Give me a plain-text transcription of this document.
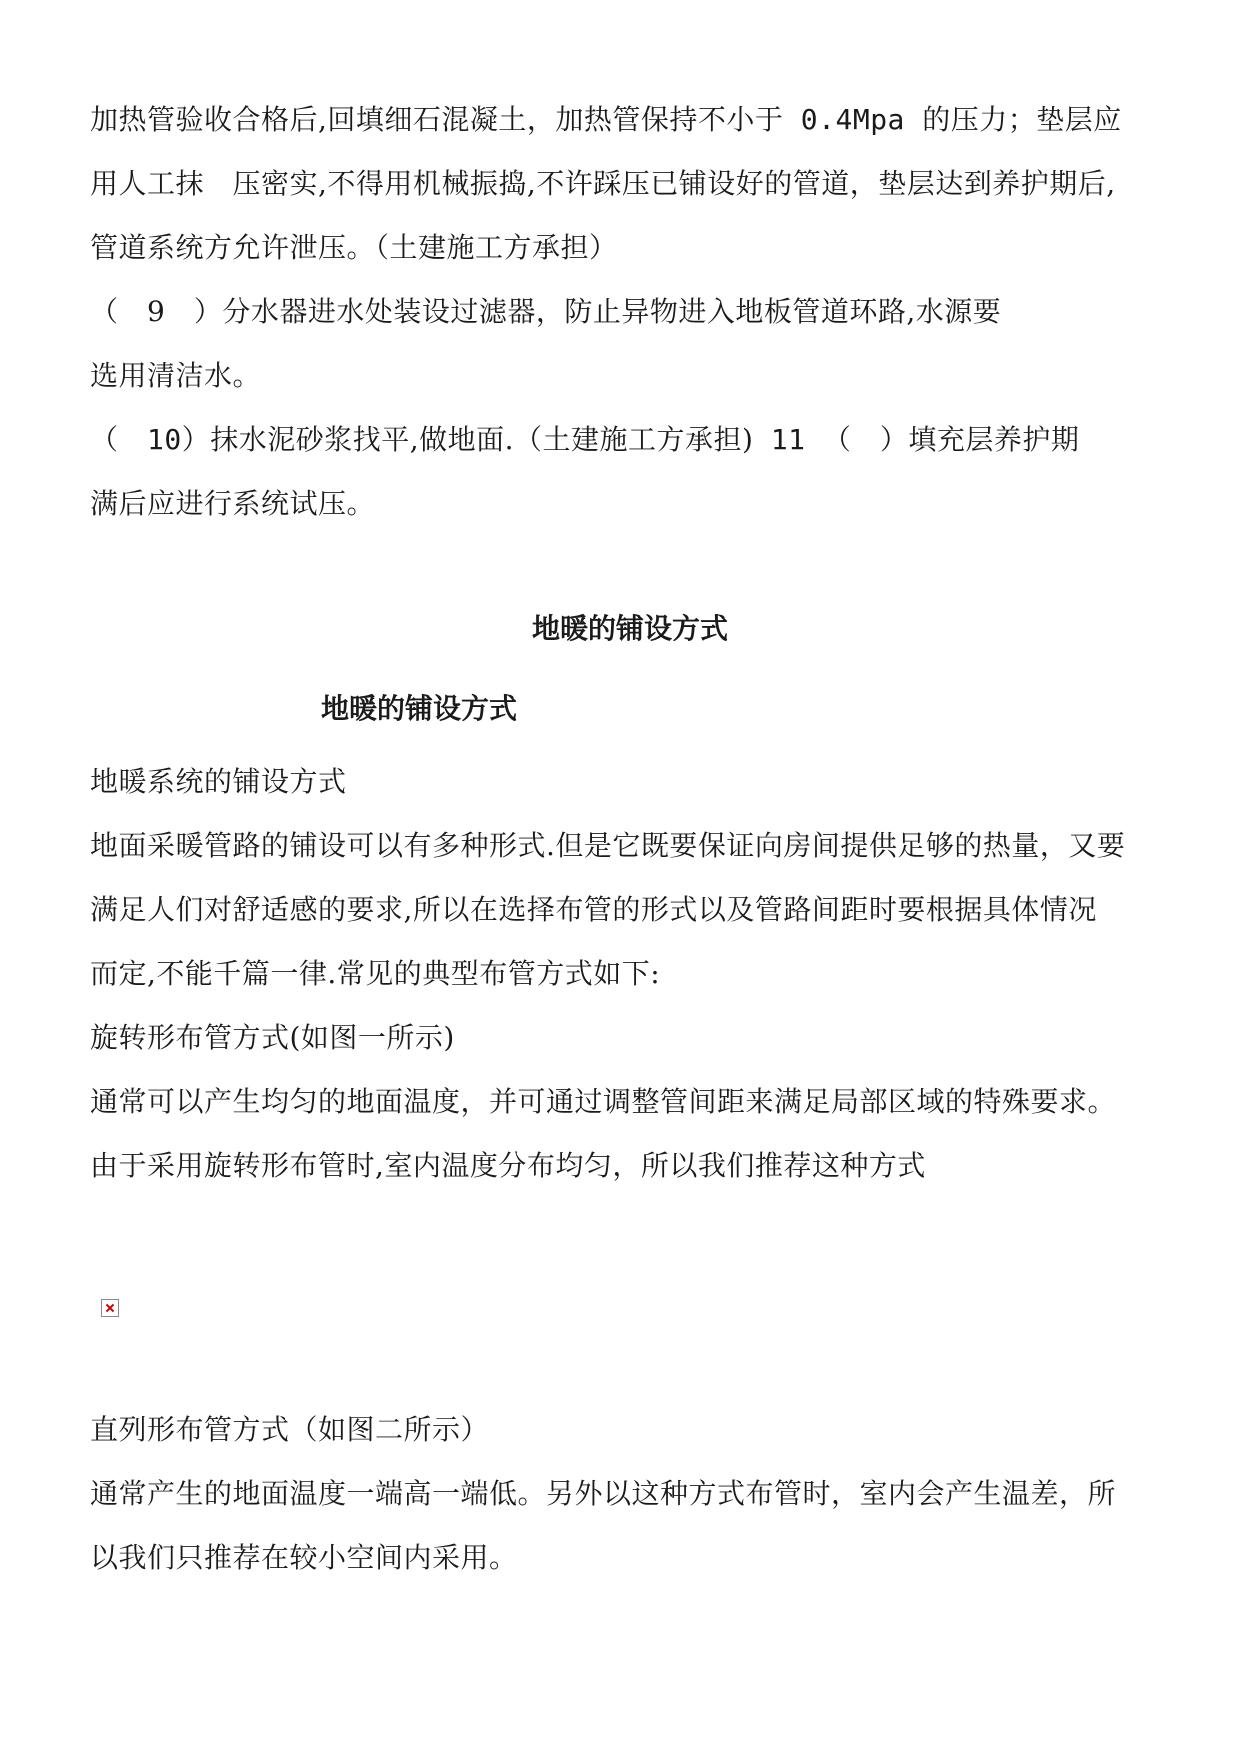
加热管验收合格后,回填细石混凝土，加热管保持不小于 0.4Mpa 的压力；垫层应
用人工抹　压密实,不得用机械振捣,不许踩压已铺设好的管道，垫层达到养护期后,
管道系统方允许泄压。（土建施工方承担）
（　9　）分水器进水处装设过滤器，防止异物进入地板管道环路,水源要
选用清洁水。
（　10）抹水泥砂浆找平,做地面.（土建施工方承担) 11 （　）填充层养护期
满后应进行系统试压。
地暖的铺设方式
地暖的铺设方式
地暖系统的铺设方式
地面采暖管路的铺设可以有多种形式.但是它既要保证向房间提供足够的热量，又要
满足人们对舒适感的要求,所以在选择布管的形式以及管路间距时要根据具体情况
而定,不能千篇一律.常见的典型布管方式如下:
旋转形布管方式(如图一所示)
通常可以产生均匀的地面温度，并可通过调整管间距来满足局部区域的特殊要求。
由于采用旋转形布管时,室内温度分布均匀，所以我们推荐这种方式
直列形布管方式（如图二所示）
通常产生的地面温度一端高一端低。另外以这种方式布管时，室内会产生温差，所
以我们只推荐在较小空间内采用。
